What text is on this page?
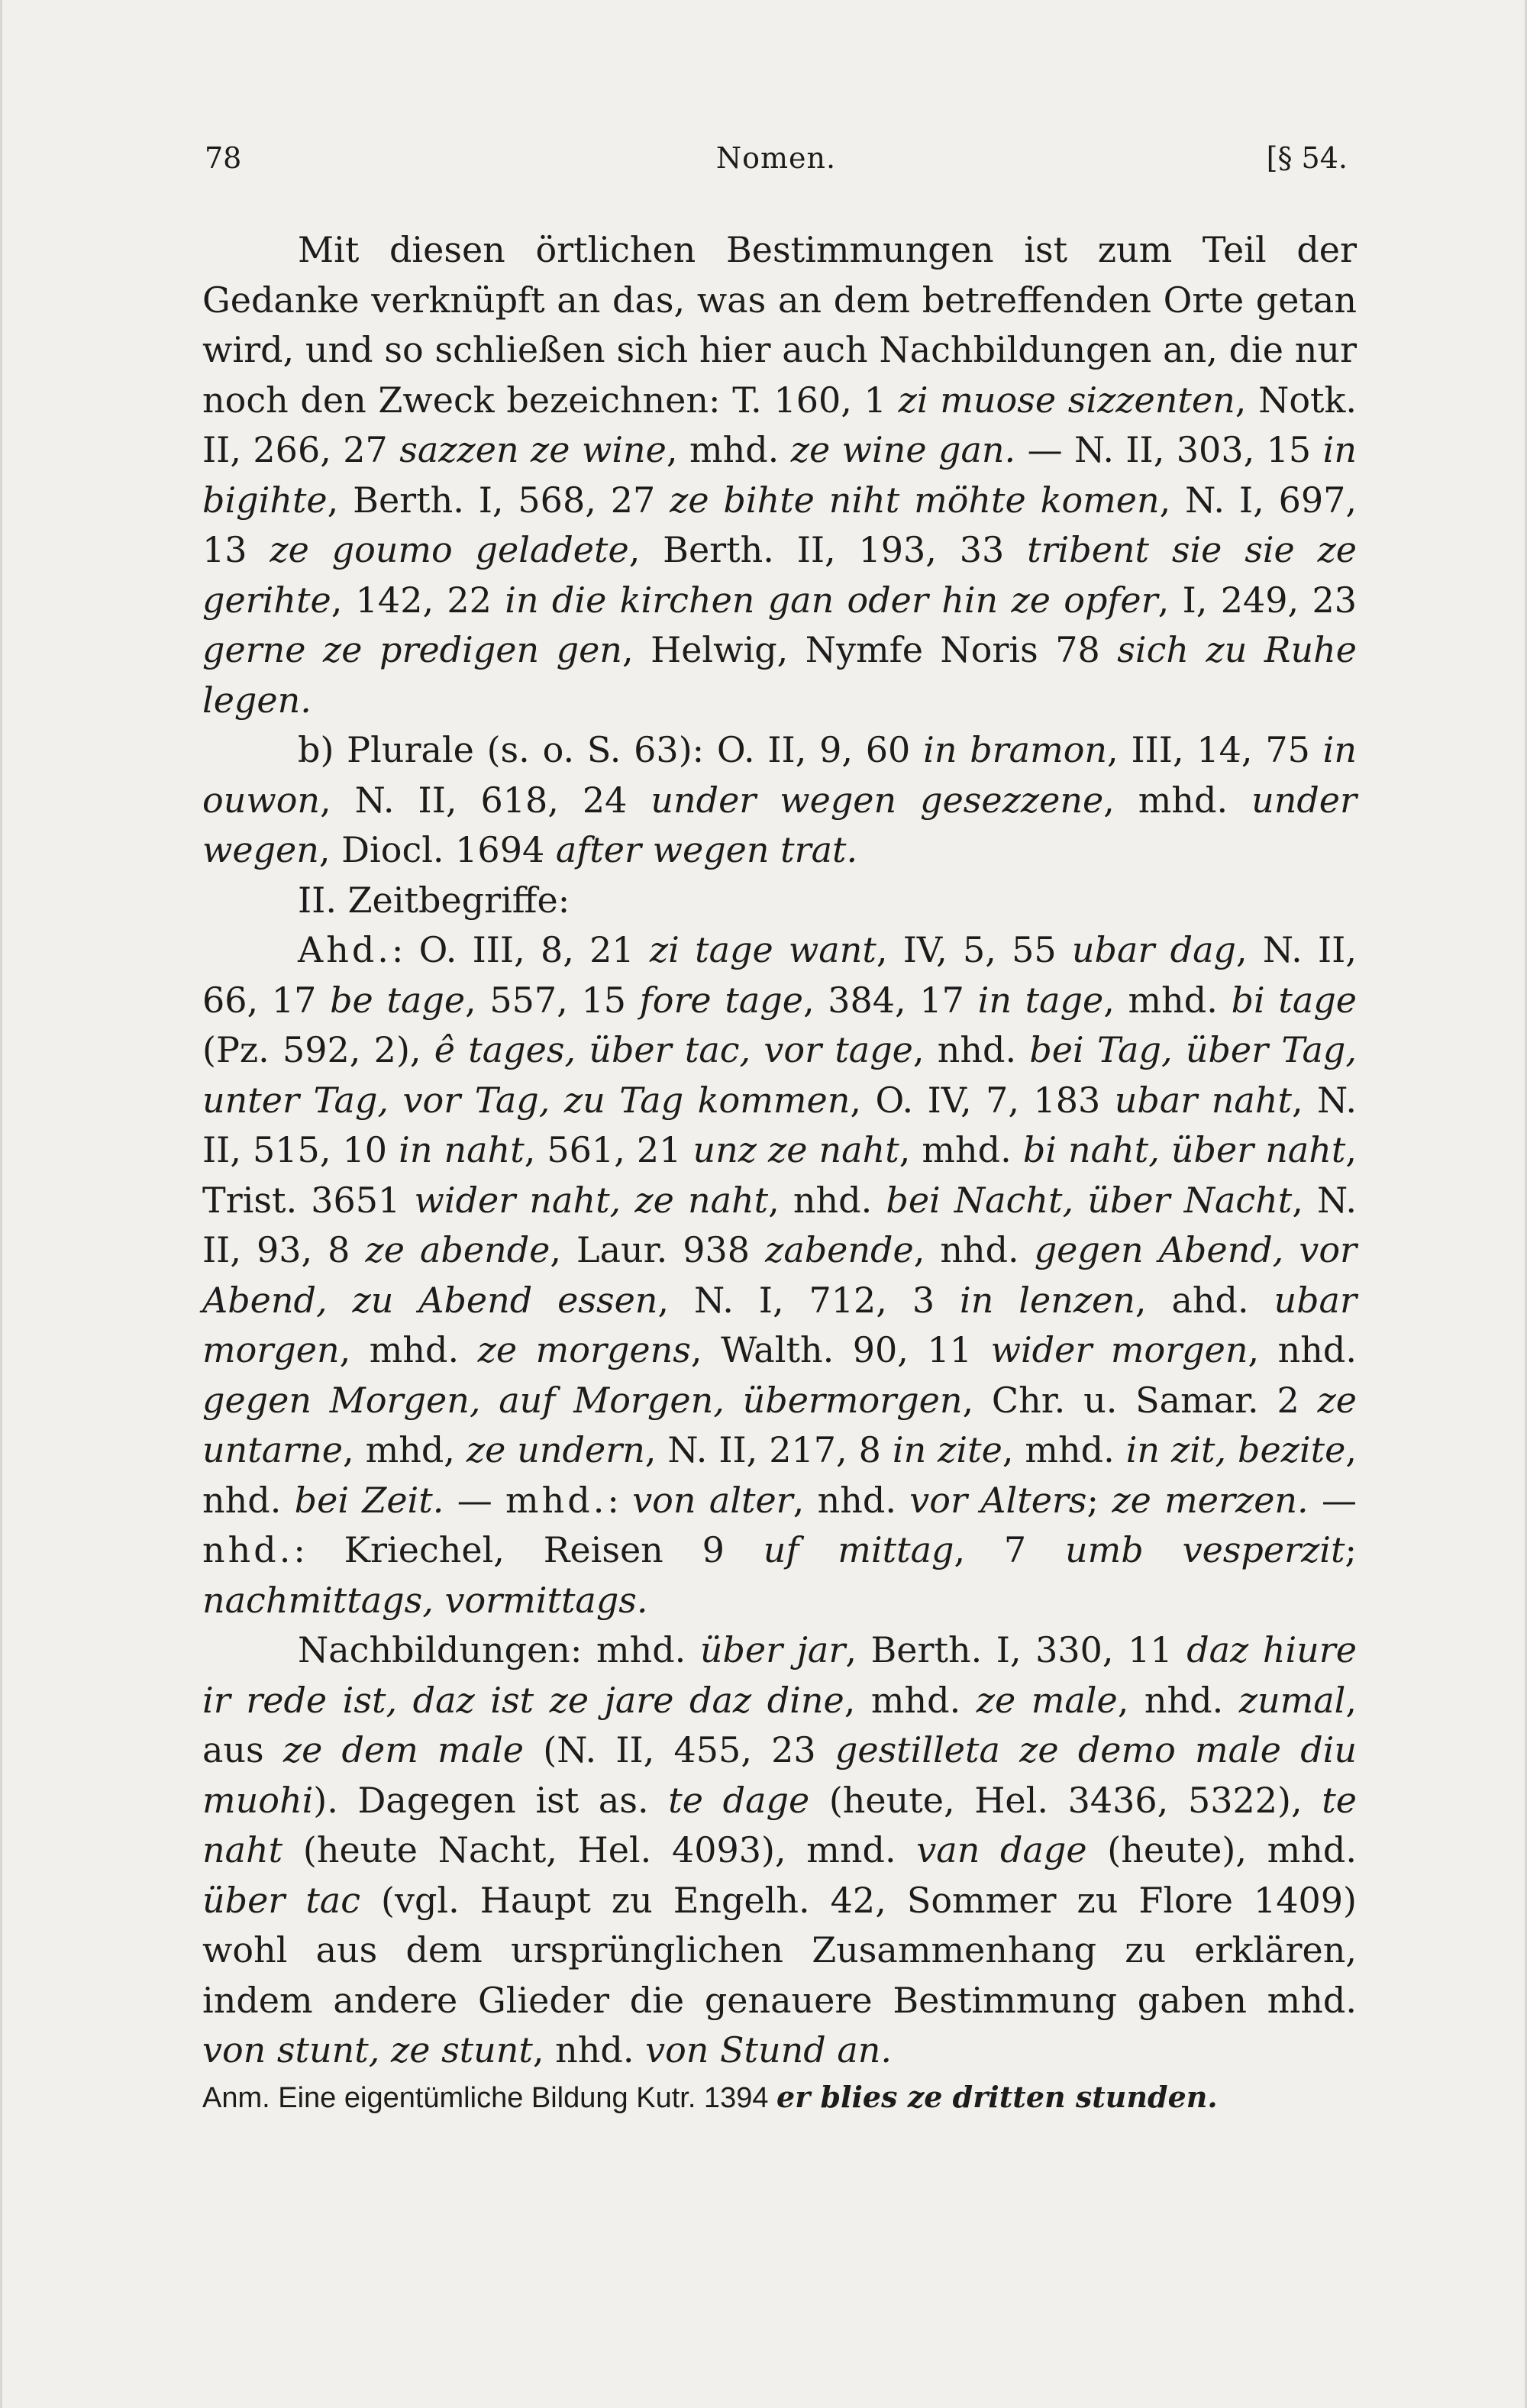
78	Nomen.	[§ 54.

Mit diesen örtlichen Bestimmungen ist zum Teil der Gedanke verknüpft an das, was an dem betreffenden Orte getan wird, und so schließen sich hier auch Nachbildungen an, die nur noch den Zweck bezeichnen: T. 160, 1 zi muose sizzenten, Notk. II, 266, 27 sazzen ze wine, mhd. ze wine gan. — N. II, 303, 15 in bigihte, Berth. I, 568, 27 ze bihte niht möhte komen, N. I, 697, 13 ze goumo geladete, Berth. II, 193, 33 tribent sie sie ze gerihte, 142, 22 in die kirchen gan oder hin ze opfer, I, 249, 23 gerne ze predigen gen, Helwig, Nymfe Noris 78 sich zu Ruhe legen.

b) Plurale (s. o. S. 63): O. II, 9, 60 in bramon, III, 14, 75 in ouwon, N. II, 618, 24 under wegen gesezzene, mhd. under wegen, Diocl. 1694 after wegen trat.

II. Zeitbegriffe:

Ahd.: O. III, 8, 21 zi tage want, IV, 5, 55 ubar dag, N. II, 66, 17 be tage, 557, 15 fore tage, 384, 17 in tage, mhd. bi tage (Pz. 592, 2), ê tages, über tac, vor tage, nhd. bei Tag, über Tag, unter Tag, vor Tag, zu Tag kommen, O. IV, 7, 183 ubar naht, N. II, 515, 10 in naht, 561, 21 unz ze naht, mhd. bi naht, über naht, Trist. 3651 wider naht, ze naht, nhd. bei Nacht, über Nacht, N. II, 93, 8 ze abende, Laur. 938 zabende, nhd. gegen Abend, vor Abend, zu Abend essen, N. I, 712, 3 in lenzen, ahd. ubar morgen, mhd. ze morgens, Walth. 90, 11 wider morgen, nhd. gegen Morgen, auf Morgen, übermorgen, Chr. u. Samar. 2 ze untarne, mhd, ze undern, N. II, 217, 8 in zite, mhd. in zit, bezite, nhd. bei Zeit. — mhd.: von alter, nhd. vor Alters; ze merzen. — nhd.: Kriechel, Reisen 9 uf mittag, 7 umb vesperzit; nachmittags, vormittags.

Nachbildungen: mhd. über jar, Berth. I, 330, 11 daz hiure ir rede ist, daz ist ze jare daz dine, mhd. ze male, nhd. zumal, aus ze dem male (N. II, 455, 23 gestilleta ze demo male diu muohi). Dagegen ist as. te dage (heute, Hel. 3436, 5322), te naht (heute Nacht, Hel. 4093), mnd. van dage (heute), mhd. über tac (vgl. Haupt zu Engelh. 42, Sommer zu Flore 1409) wohl aus dem ursprünglichen Zusammenhang zu erklären, indem andere Glieder die genauere Bestimmung gaben mhd. von stunt, ze stunt, nhd. von Stund an.

Anm. Eine eigentümliche Bildung Kutr. 1394 er blies ze dritten stunden.
